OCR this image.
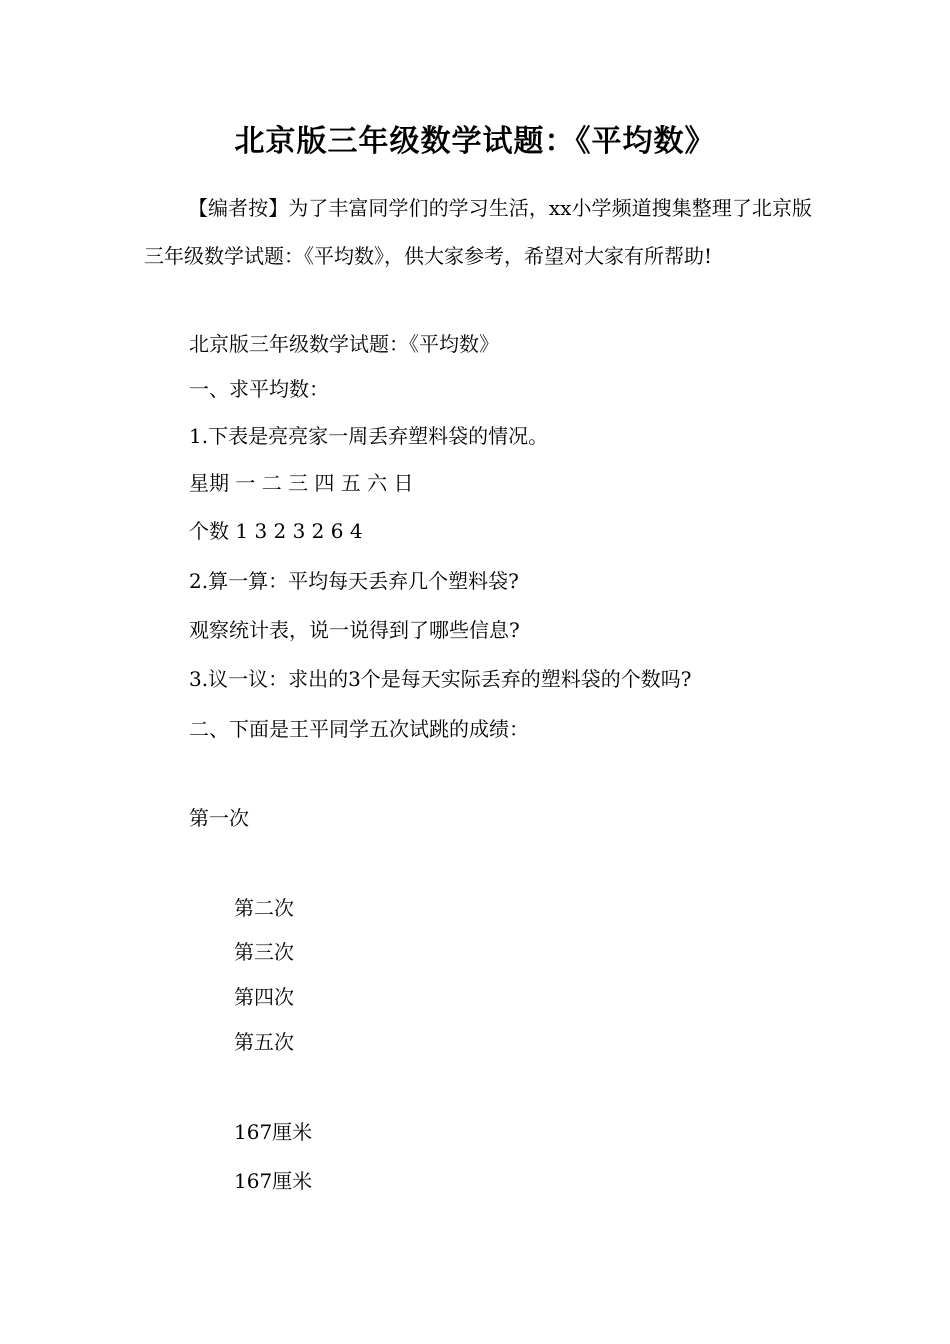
北京版三年级数学试题：《平均数》

【编者按】为了丰富同学们的学习生活，xx小学频道搜集整理了北京版三年级数学试题：《平均数》，供大家参考，希望对大家有所帮助!

北京版三年级数学试题：《平均数》

一、求平均数：

1.下表是亮亮家一周丢弃塑料袋的情况。

星期 一 二 三 四 五 六 日

个数 1 3 2 3 2 6 4

2.算一算：平均每天丢弃几个塑料袋?

观察统计表，说一说得到了哪些信息?

3.议一议：求出的3个是每天实际丢弃的塑料袋的个数吗?

二、下面是王平同学五次试跳的成绩：

第一次

第二次

第三次

第四次

第五次

167厘米

167厘米
